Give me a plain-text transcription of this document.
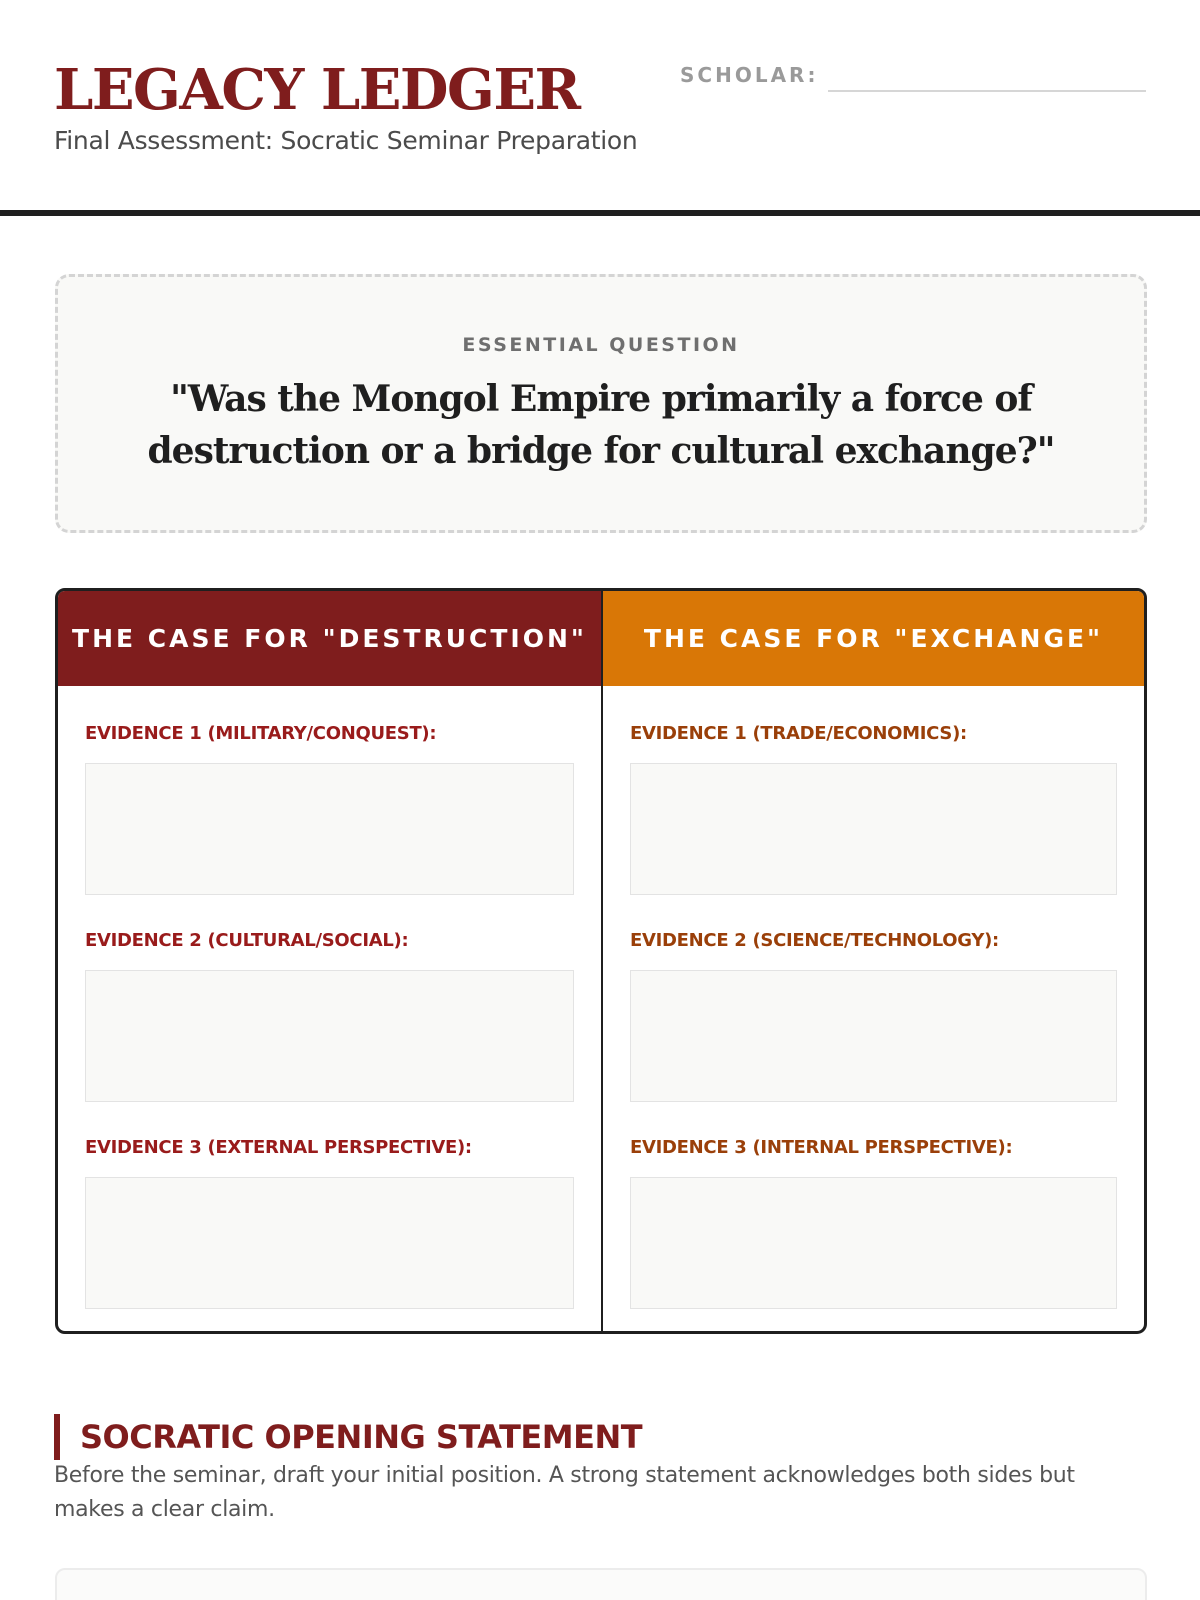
LEGACY LEDGER

Final Assessment: Socratic Seminar Preparation

SCHOLAR:
ESSENTIAL QUESTION

"Was the Mongol Empire primarily a force of destruction or a bridge for cultural exchange?"

THE CASE FOR "DESTRUCTION"
EVIDENCE 1 (MILITARY/CONQUEST):
EVIDENCE 2 (CULTURAL/SOCIAL):
EVIDENCE 3 (EXTERNAL PERSPECTIVE):
THE CASE FOR "EXCHANGE"
EVIDENCE 1 (TRADE/ECONOMICS):
EVIDENCE 2 (SCIENCE/TECHNOLOGY):
EVIDENCE 3 (INTERNAL PERSPECTIVE):
SOCRATIC OPENING STATEMENT

Before the seminar, draft your initial position. A strong statement acknowledges both sides but makes a clear claim.
